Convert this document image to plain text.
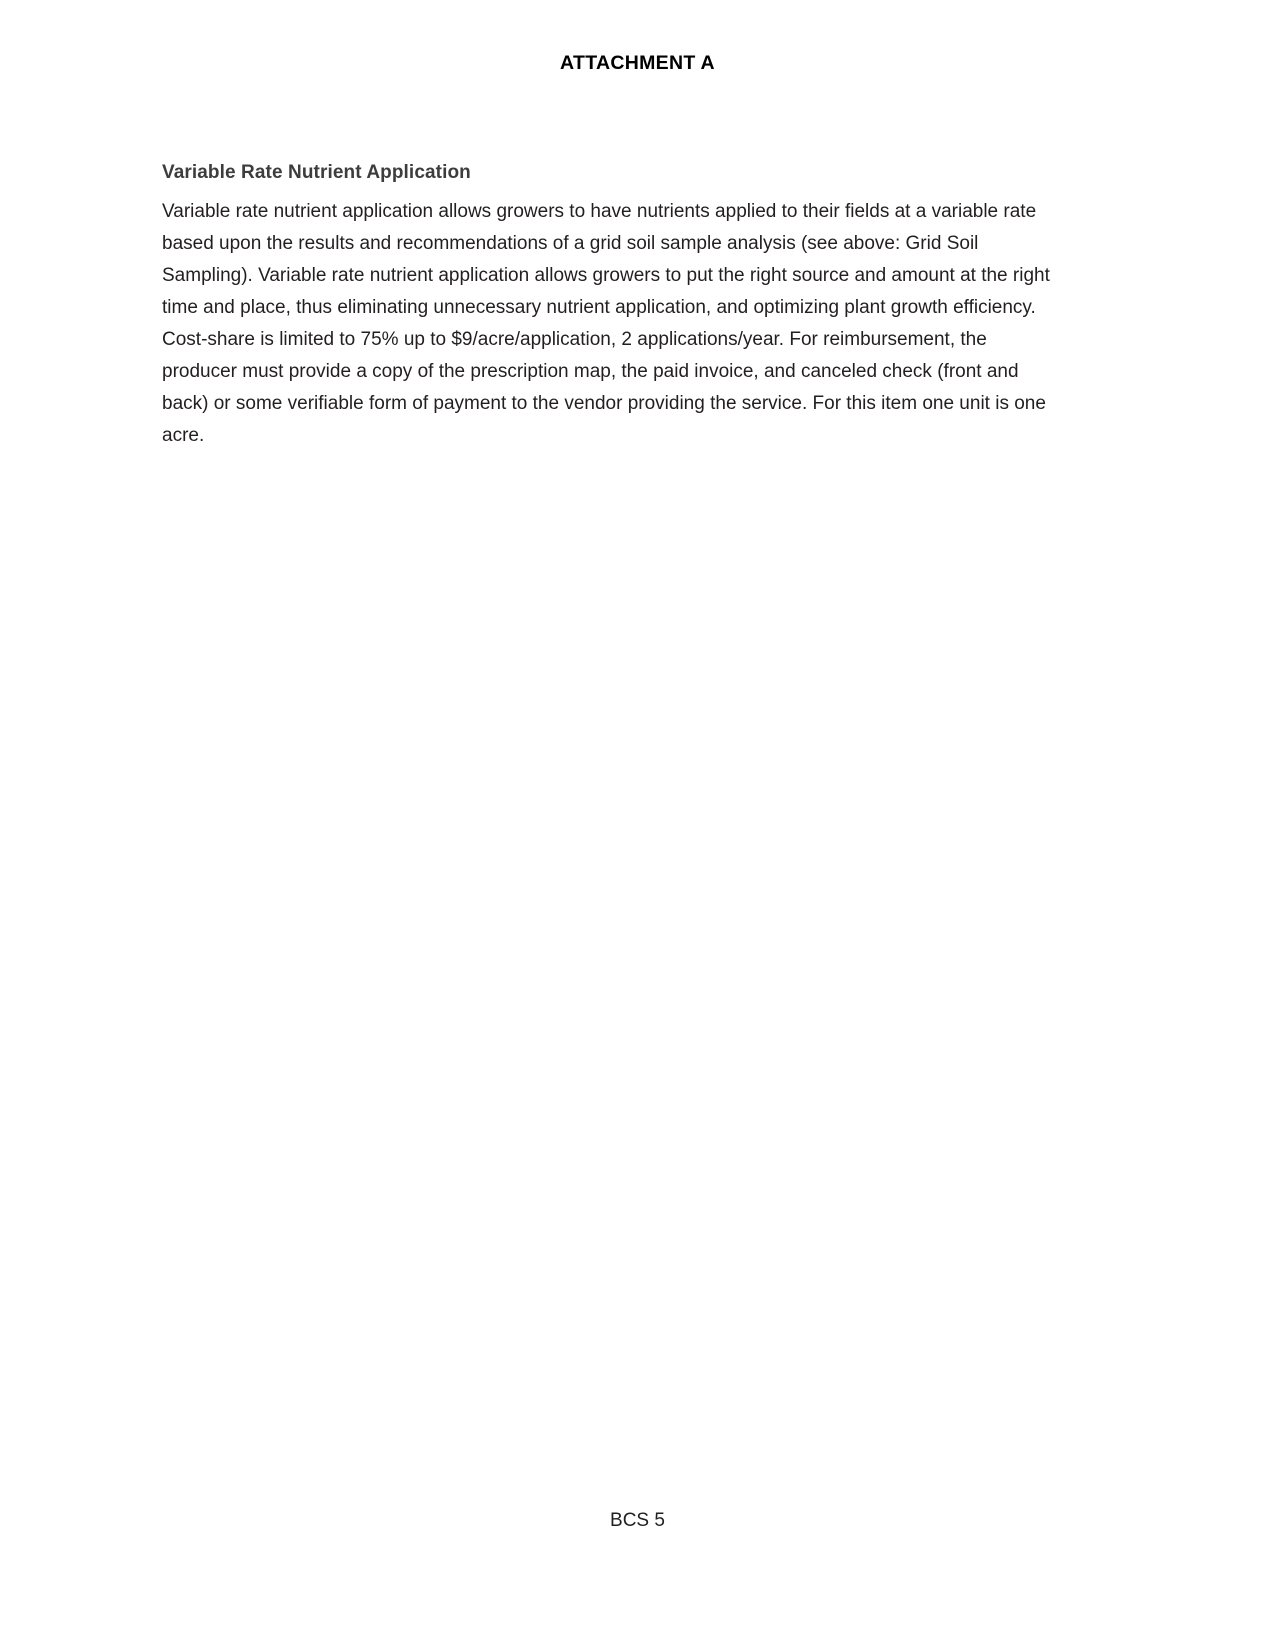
ATTACHMENT A
Variable Rate Nutrient Application

Variable rate nutrient application allows growers to have nutrients applied to their fields at a variable rate based upon the results and recommendations of a grid soil sample analysis (see above: Grid Soil Sampling). Variable rate nutrient application allows growers to put the right source and amount at the right time and place, thus eliminating unnecessary nutrient application, and optimizing plant growth efficiency. Cost-share is limited to 75% up to $9/acre/application, 2 applications/year. For reimbursement, the producer must provide a copy of the prescription map, the paid invoice, and canceled check (front and back) or some verifiable form of payment to the vendor providing the service. For this item one unit is one acre.

BCS 5
